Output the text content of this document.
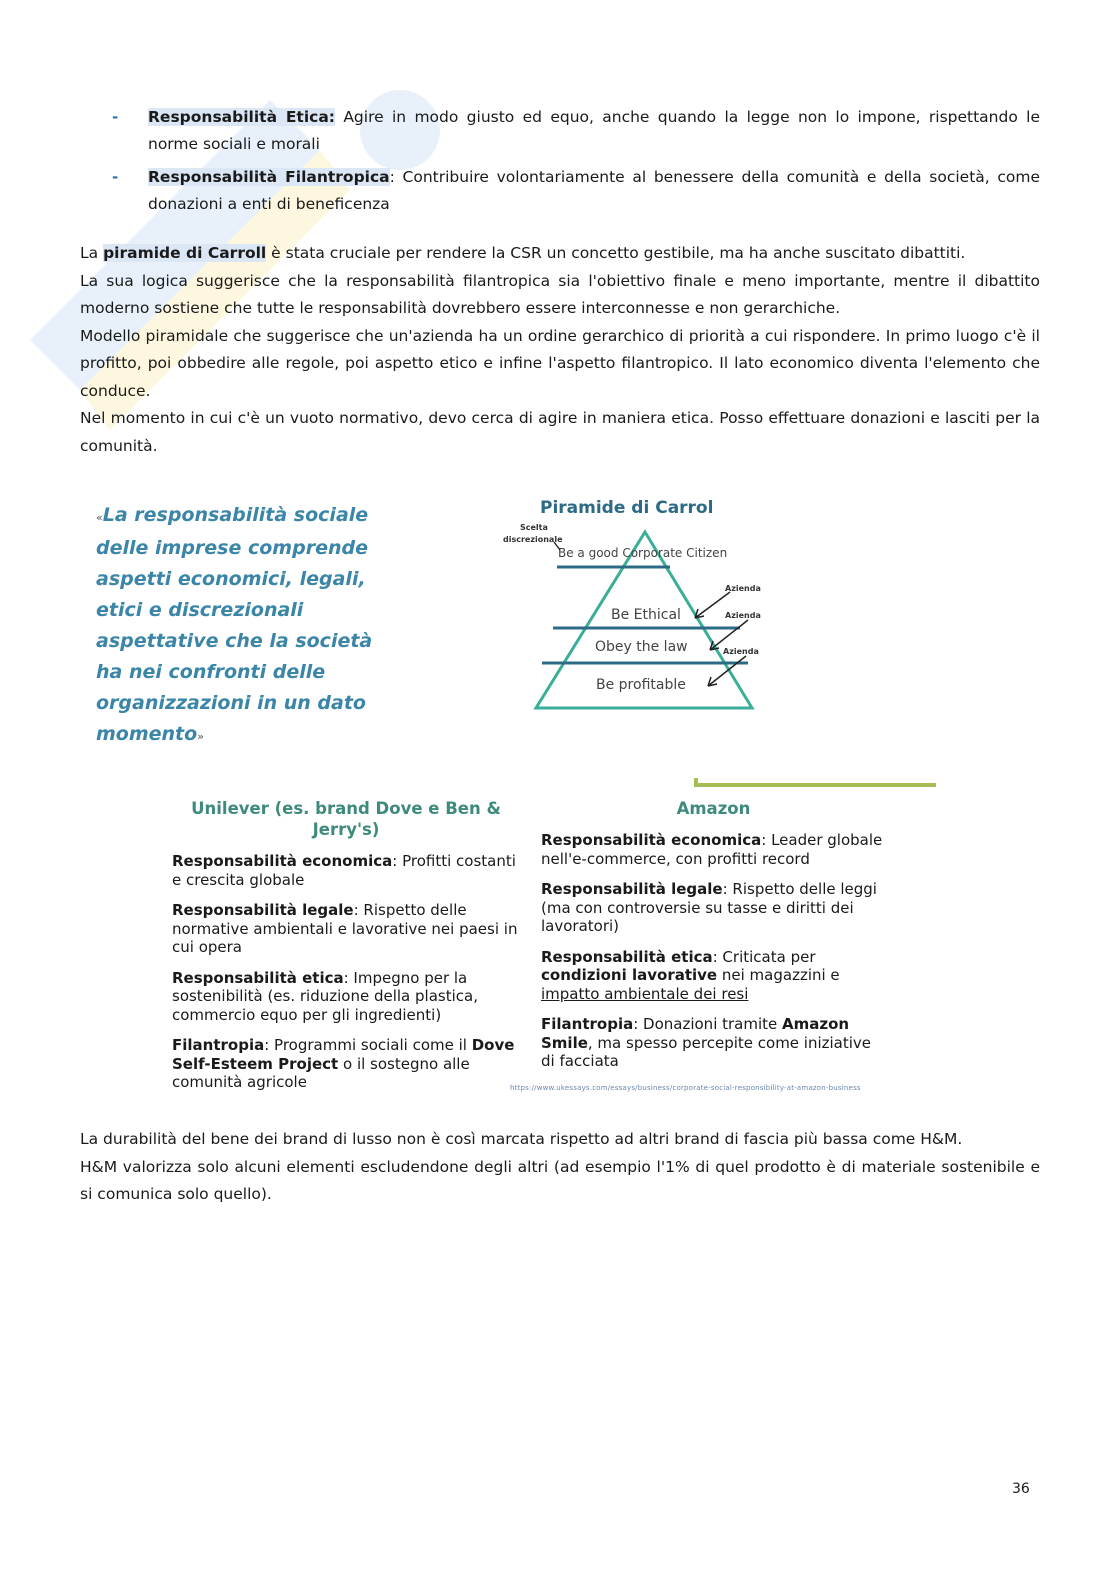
-	Responsabilità Etica: Agire in modo giusto ed equo, anche quando la legge non lo impone, rispettando le norme sociali e morali
-	Responsabilità Filantropica: Contribuire volontariamente al benessere della comunità e della società, come donazioni a enti di beneficenza

La piramide di Carroll è stata cruciale per rendere la CSR un concetto gestibile, ma ha anche suscitato dibattiti.

La sua logica suggerisce che la responsabilità filantropica sia l'obiettivo finale e meno importante, mentre il dibattito moderno sostiene che tutte le responsabilità dovrebbero essere interconnesse e non gerarchiche.

Modello piramidale che suggerisce che un'azienda ha un ordine gerarchico di priorità a cui rispondere. In primo luogo c'è il profitto, poi obbedire alle regole, poi aspetto etico e infine l'aspetto filantropico. Il lato economico diventa l'elemento che conduce.

Nel momento in cui c'è un vuoto normativo, devo cerca di agire in maniera etica. Posso effettuare donazioni e lasciti per la comunità.

«La responsabilità sociale delle imprese comprende aspetti economici, legali, etici e discrezionali aspettative che la società ha nei confronti delle organizzazioni in un dato momento»
Piramide di Carrol
Scelta
discrezionale
Be a good Corporate Citizen
Be Ethical
Obey the law
Be profitable
Azienda
Azienda
Azienda
Unilever (es. brand Dove e Ben & Jerry's)

Responsabilità economica: Profitti costanti e crescita globale

Responsabilità legale: Rispetto delle normative ambientali e lavorative nei paesi in cui opera

Responsabilità etica: Impegno per la sostenibilità (es. riduzione della plastica, commercio equo per gli ingredienti)

Filantropia: Programmi sociali come il Dove Self-Esteem Project o il sostegno alle comunità agricole

Amazon

Responsabilità economica: Leader globale nell'e-commerce, con profitti record

Responsabilità legale: Rispetto delle leggi (ma con controversie su tasse e diritti dei lavoratori)

Responsabilità etica: Criticata per condizioni lavorative nei magazzini e impatto ambientale dei resi

Filantropia: Donazioni tramite Amazon Smile, ma spesso percepite come iniziative di facciata

https://www.ukessays.com/essays/business/corporate-social-responsibility-at-amazon-business

La durabilità del bene dei brand di lusso non è così marcata rispetto ad altri brand di fascia più bassa come H&M.

H&M valorizza solo alcuni elementi escludendone degli altri (ad esempio l'1% di quel prodotto è di materiale sostenibile e si comunica solo quello).

36
